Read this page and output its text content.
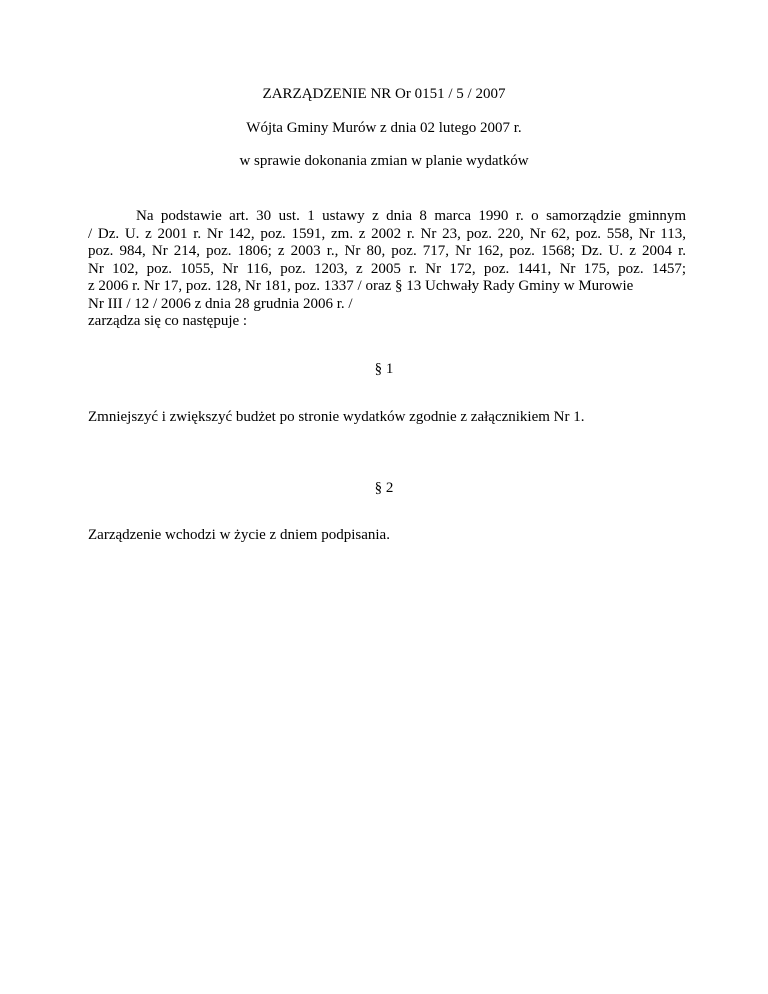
ZARZĄDZENIE NR Or 0151 / 5 / 2007
Wójta Gminy Murów z dnia 02 lutego 2007 r.
w sprawie dokonania zmian w planie wydatków
Na podstawie art. 30 ust. 1 ustawy z dnia 8 marca 1990 r. o samorządzie gminnym
/ Dz. U. z 2001 r. Nr 142, poz. 1591, zm. z 2002 r. Nr 23, poz. 220, Nr 62, poz. 558, Nr 113,
poz. 984, Nr 214, poz. 1806; z 2003 r., Nr 80, poz. 717, Nr 162, poz. 1568; Dz. U. z 2004 r.
Nr 102, poz. 1055, Nr 116, poz. 1203, z 2005 r. Nr 172, poz. 1441, Nr 175, poz. 1457;
z 2006 r. Nr 17, poz. 128, Nr 181, poz. 1337 / oraz § 13 Uchwały Rady Gminy w Murowie
Nr III / 12 / 2006 z dnia 28 grudnia 2006 r. /
zarządza się co następuje :
§ 1
Zmniejszyć i zwiększyć budżet po stronie wydatków zgodnie z załącznikiem Nr 1.
§ 2
Zarządzenie wchodzi w życie z dniem podpisania.
